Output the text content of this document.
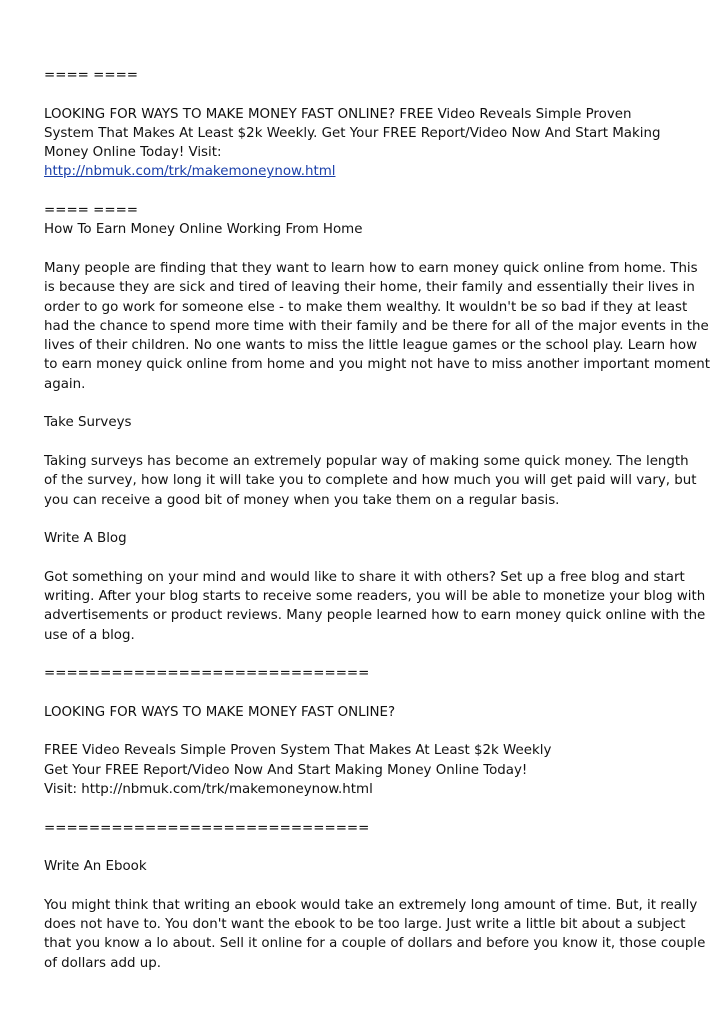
==== ====

LOOKING FOR WAYS TO MAKE MONEY FAST ONLINE? FREE Video Reveals Simple Proven
System That Makes At Least $2k Weekly. Get Your FREE Report/Video Now And Start Making
Money Online Today! Visit:
http://nbmuk.com/trk/makemoneynow.html

==== ====

How To Earn Money Online Working From Home

Many people are finding that they want to learn how to earn money quick online from home. This
is because they are sick and tired of leaving their home, their family and essentially their lives in
order to go work for someone else - to make them wealthy. It wouldn't be so bad if they at least
had the chance to spend more time with their family and be there for all of the major events in the
lives of their children. No one wants to miss the little league games or the school play. Learn how
to earn money quick online from home and you might not have to miss another important moment
again.

Take Surveys

Taking surveys has become an extremely popular way of making some quick money. The length
of the survey, how long it will take you to complete and how much you will get paid will vary, but
you can receive a good bit of money when you take them on a regular basis.

Write A Blog

Got something on your mind and would like to share it with others? Set up a free blog and start
writing. After your blog starts to receive some readers, you will be able to monetize your blog with
advertisements or product reviews. Many people learned how to earn money quick online with the
use of a blog.

=============================

LOOKING FOR WAYS TO MAKE MONEY FAST ONLINE?

FREE Video Reveals Simple Proven System That Makes At Least $2k Weekly
Get Your FREE Report/Video Now And Start Making Money Online Today!
Visit: http://nbmuk.com/trk/makemoneynow.html

=============================

Write An Ebook

You might think that writing an ebook would take an extremely long amount of time. But, it really
does not have to. You don't want the ebook to be too large. Just write a little bit about a subject
that you know a lo about. Sell it online for a couple of dollars and before you know it, those couple
of dollars add up.
